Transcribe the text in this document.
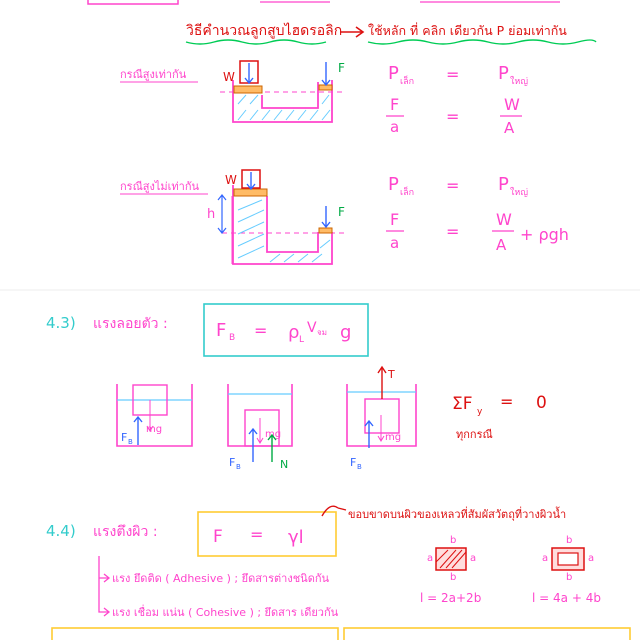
วิธีคำนวณลูกสูบไฮดรอลิก ใช้หลัก ที่ คลิก เดียวกัน P ย่อมเท่ากัน
กรณีสูงเท่ากัน	W
F P เล็ก = P ใหญ่
F
a
=
W
A
กรณีสูงไม่เท่ากัน W
F
h
P เล็ก = P ใหญ่
F
a
=
W
A
+ ρgh
4.3) แรงลอยตัว :	F B = ρ L
V จม g
F B
mg	mg
F B	N
T
mg
F B
ΣF y
= 0
ทุกกรณี
4.4) แรงตึงผิว :	F = γl
ขอบขาดบนผิวของเหลวที่สัมผัสวัตถุที่วางผิวน้ำ
แรง ยึดติด ( Adhesive ) ; ยึดสารต่างชนิดกัน
แรง เชื่อม แน่น ( Cohesive ) ; ยึดสาร เดียวกัน
b
a	a
b
l = 2a+2b
b
a	a
b
l = 4a + 4b
